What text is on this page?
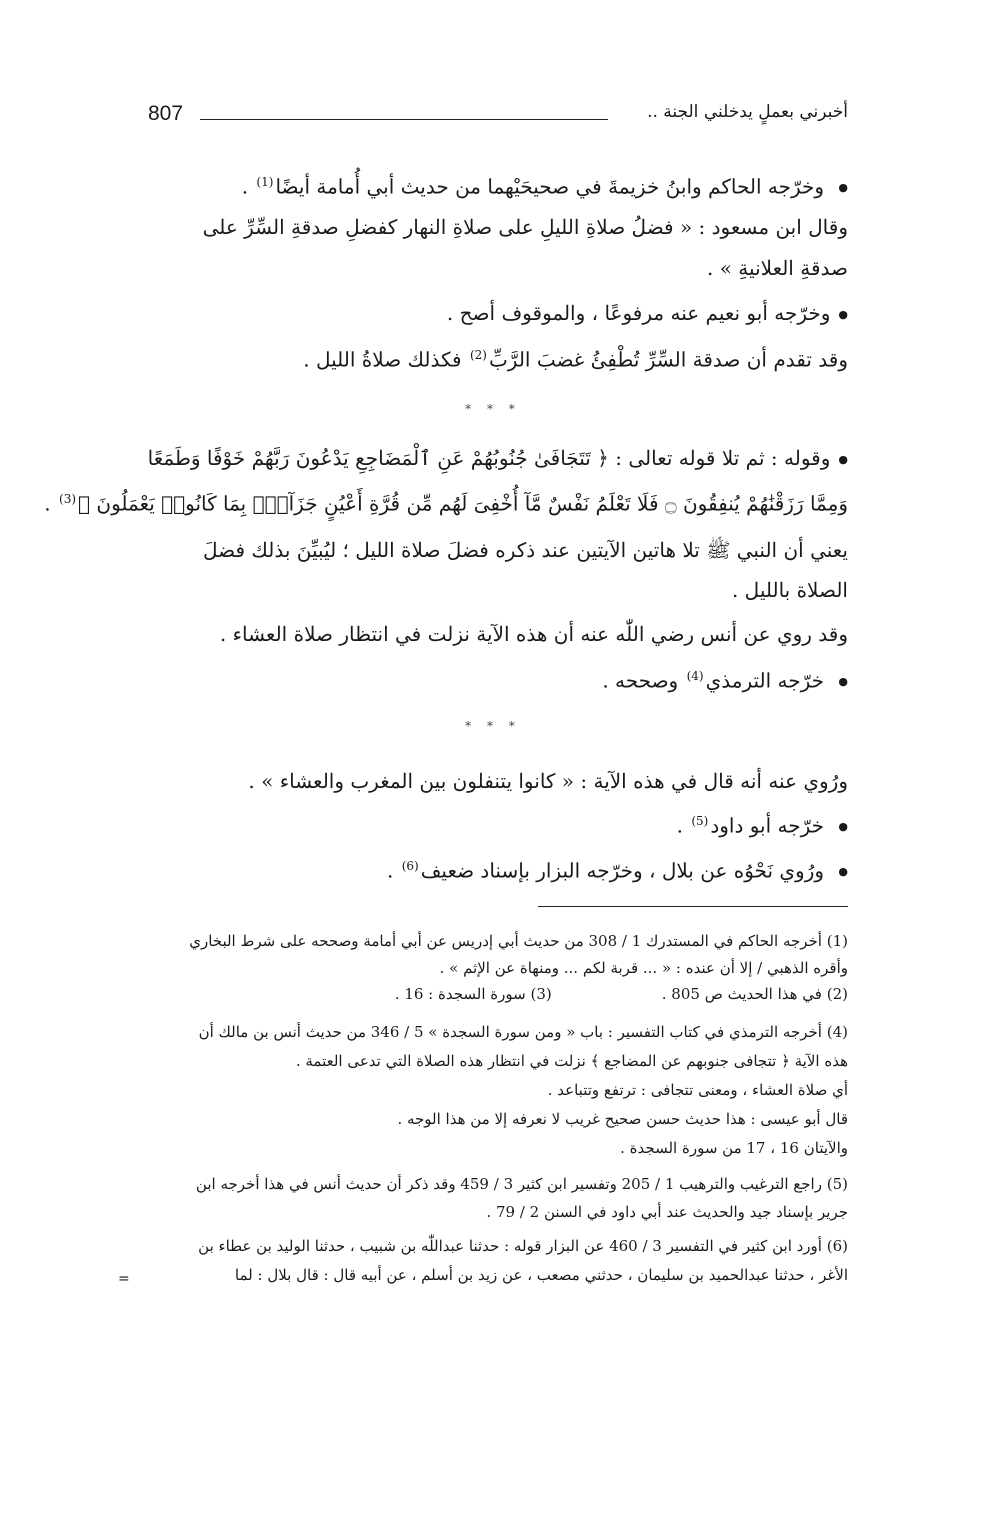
807	أخبرني بعملٍ يدخلني الجنة ..
● وخرّجه الحاكم وابنُ خزيمةَ في صحيحَيْهما من حديث أبي أُمامة أيضًا$^{(1)}$ .
وقال ابن مسعود : « فضلُ صلاةِ الليلِ على صلاةِ النهار كفضلِ صدقةِ السِّرِّ على
صدقةِ العلانيةِ » .
● وخرّجه أبو نعيم عنه مرفوعًا ، والموقوف أصح .
وقد تقدم أن صدقة السِّرِّ تُطْفِئُ غضبَ الرَّبِّ$^{(2)}$ فكذلك صلاةُ الليل .
* * *
● وقوله : ثم تلا قوله تعالى : ﴿ تَتَجَافَىٰ جُنُوبُهُمْ عَنِ ٱلْمَضَاجِعِ يَدْعُونَ رَبَّهُمْ خَوْفًا وَطَمَعًا
وَمِمَّا رَزَقْنَٰهُمْ يُنفِقُونَ ۝ فَلَا تَعْلَمُ نَفْسٌ مَّآ أُخْفِىَ لَهُم مِّن قُرَّةِ أَعْيُنٍ جَزَآءًۢ بِمَا كَانُوا۟ يَعْمَلُونَ ﴾$^{(3)}$ .
يعني أن النبي ﷺ تلا هاتين الآيتين عند ذكره فضلَ صلاة الليل ؛ ليُبيِّنَ بذلك فضلَ
الصلاة بالليل .
وقد روي عن أنس رضي اللّٰه عنه أن هذه الآية نزلت في انتظار صلاة العشاء .
● خرّجه الترمذي$^{(4)}$ وصححه .
* * *
ورُوي عنه أنه قال في هذه الآية : « كانوا يتنفلون بين المغرب والعشاء » .
● خرّجه أبو داود$^{(5)}$ .
● ورُوي نَحْوُه عن بلال ، وخرّجه البزار بإسناد ضعيف$^{(6)}$ .
(1) أخرجه الحاكم في المستدرك 1 / 308 من حديث أبي إدريس عن أبي أمامة وصححه على شرط البخاري
وأقره الذهبي / إلا أن عنده : « ... قربة لكم ... ومنهاة عن الإثم » .
(2) في هذا الحديث ص 805 .
(3) سورة السجدة : 16 .
(4) أخرجه الترمذي في كتاب التفسير : باب « ومن سورة السجدة » 5 / 346 من حديث أنس بن مالك أن
هذه الآية ﴿ تتجافى جنوبهم عن المضاجع ﴾ نزلت في انتظار هذه الصلاة التي تدعى العتمة .
أي صلاة العشاء ، ومعنى تتجافى : ترتفع وتتباعد .
قال أبو عيسى : هذا حديث حسن صحيح غريب لا نعرفه إلا من هذا الوجه .
والآيتان 16 ، 17 من سورة السجدة .
(5) راجع الترغيب والترهيب 1 / 205 وتفسير ابن كثير 3 / 459 وقد ذكر أن حديث أنس في هذا أخرجه ابن
جرير بإسناد جيد والحديث عند أبي داود في السنن 2 / 79 .
(6) أورد ابن كثير في التفسير 3 / 460 عن البزار قوله : حدثنا عبداللّٰه بن شبيب ، حدثنا الوليد بن عطاء بن
الأغر ، حدثنا عبدالحميد بن سليمان ، حدثني مصعب ، عن زيد بن أسلم ، عن أبيه قال : قال بلال : لما
=
